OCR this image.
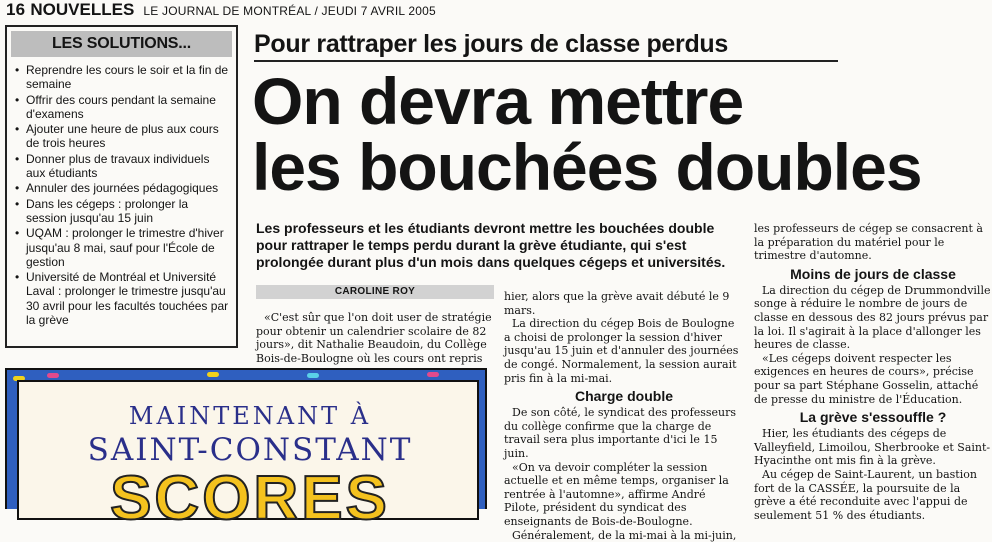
16 NOUVELLES LE JOURNAL DE MONTRÉAL / JEUDI 7 AVRIL 2005
LES SOLUTIONS...
• Reprendre les cours le soir et la fin de semaine
• Offrir des cours pendant la semaine d'examens
• Ajouter une heure de plus aux cours de trois heures
• Donner plus de travaux individuels aux étudiants
• Annuler des journées pédagogiques
• Dans les cégeps : prolonger la session jusqu'au 15 juin
• UQAM : prolonger le trimestre d'hiver jusqu'au 8 mai, sauf pour l'École de gestion
• Université de Montréal et Université Laval : prolonger le trimestre jusqu'au 30 avril pour les facultés touchées par la grève
MAINTENANT À
SAINT-CONSTANT
SCORES
Pour rattraper les jours de classe perdus
On devra mettre
les bouchées doubles
Les professeurs et les étudiants devront mettre les bouchées double pour rattraper le temps perdu durant la grève étudiante, qui s'est prolongée durant plus d'un mois dans quelques cégeps et universités.
CAROLINE ROY

«C'est sûr que l'on doit user de stratégie pour obtenir un calendrier scolaire de 82 jours», dit Nathalie Beaudoin, du Collège Bois-de-Boulogne où les cours ont repris

hier, alors que la grève avait débuté le 9 mars.

La direction du cégep Bois de Boulogne a choisi de prolonger la session d'hiver jusqu'au 15 juin et d'annuler des journées de congé. Normalement, la session aurait pris fin à la mi-mai.

Charge double

De son côté, le syndicat des professeurs du collège confirme que la charge de travail sera plus importante d'ici le 15 juin.

«On va devoir compléter la session actuelle et en même temps, organiser la rentrée à l'automne», affirme André Pilote, président du syndicat des enseignants de Bois-de-Boulogne.

Généralement, de la mi-mai à la mi-juin,

les professeurs de cégep se consacrent à la préparation du matériel pour le trimestre d'automne.

Moins de jours de classe

La direction du cégep de Drummondville songe à réduire le nombre de jours de classe en dessous des 82 jours prévus par la loi. Il s'agirait à la place d'allonger les heures de classe.

«Les cégeps doivent respecter les exigences en heures de cours», précise pour sa part Stéphane Gosselin, attaché de presse du ministre de l'Éducation.

La grève s'essouffle ?

Hier, les étudiants des cégeps de Valleyfield, Limoilou, Sherbrooke et Saint-Hyacinthe ont mis fin à la grève.

Au cégep de Saint-Laurent, un bastion fort de la CASSÉE, la poursuite de la grève a été reconduite avec l'appui de seulement 51 % des étudiants.
